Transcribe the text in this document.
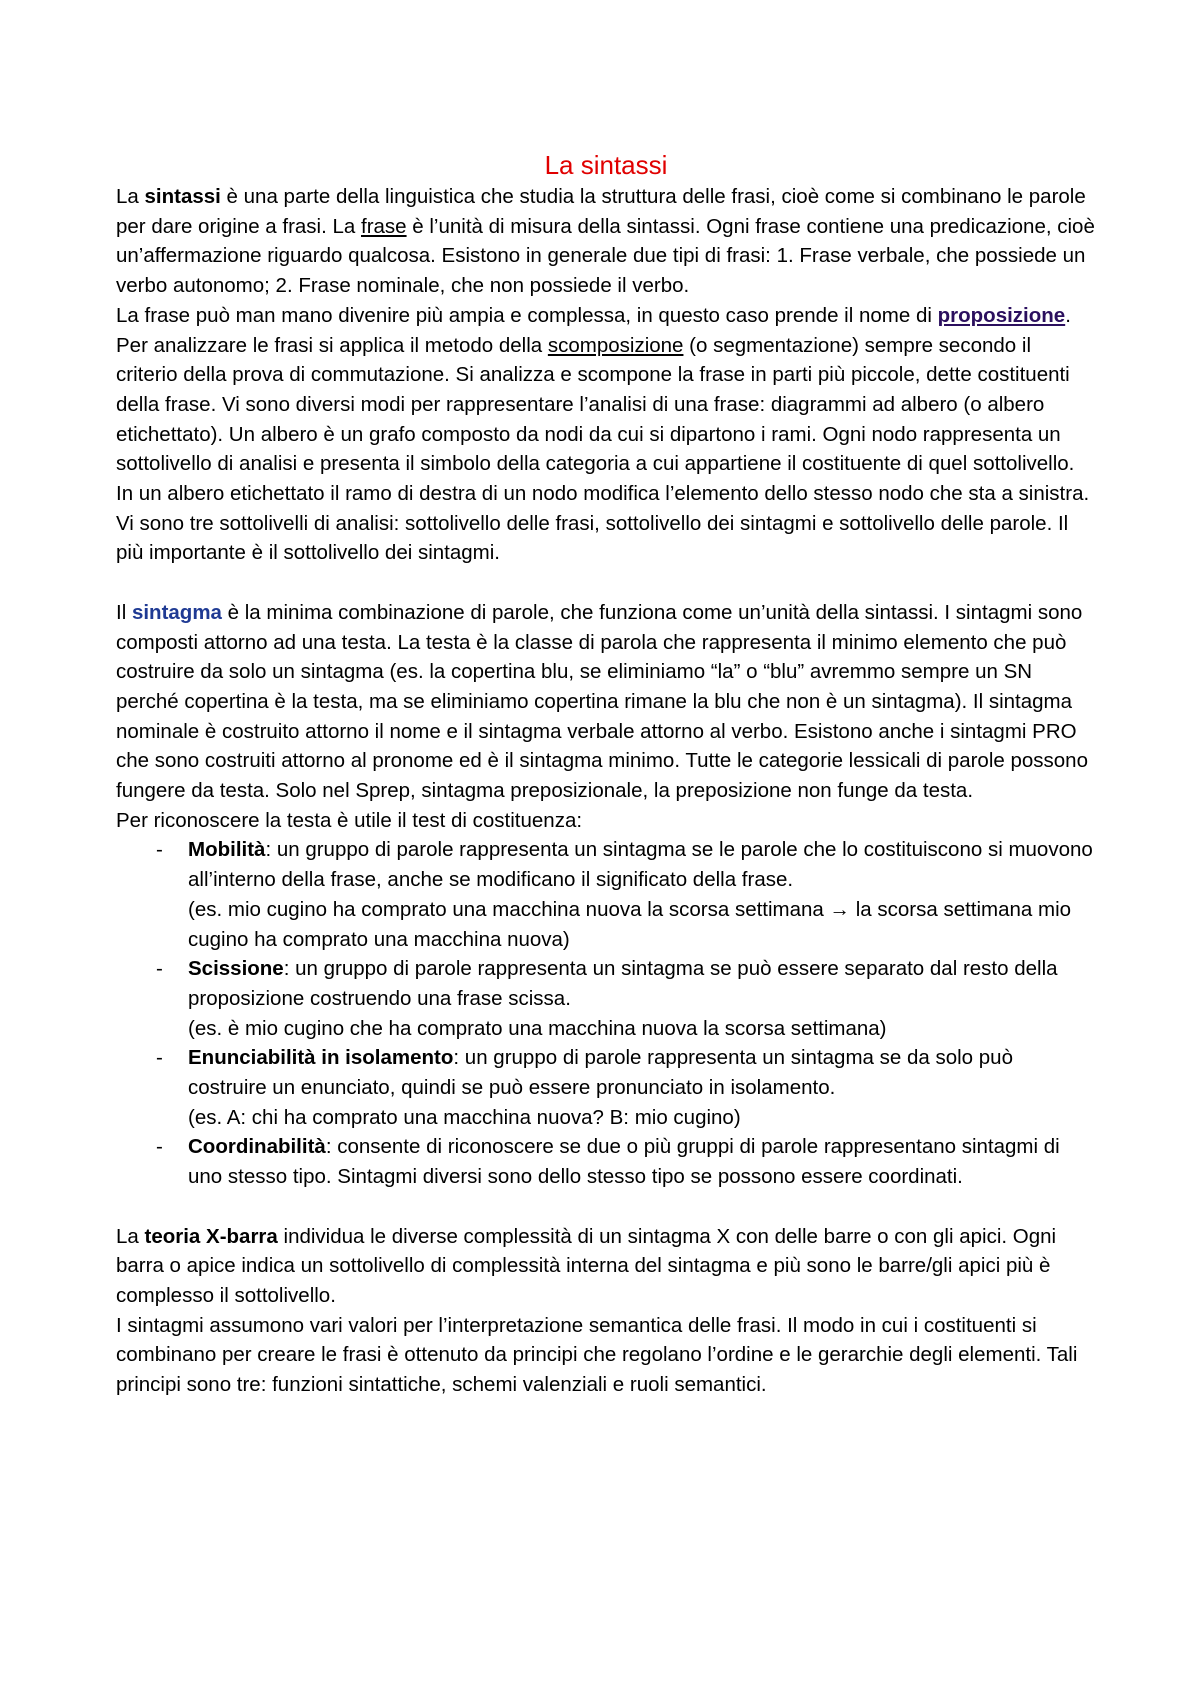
La sintassi

La sintassi è una parte della linguistica che studia la struttura delle frasi, cioè come si combinano le parole per dare origine a frasi. La frase è l’unità di misura della sintassi. Ogni frase contiene una predicazione, cioè un’affermazione riguardo qualcosa. Esistono in generale due tipi di frasi: 1. Frase verbale, che possiede un verbo autonomo; 2. Frase nominale, che non possiede il verbo.

La frase può man mano divenire più ampia e complessa, in questo caso prende il nome di proposizione. Per analizzare le frasi si applica il metodo della scomposizione (o segmentazione) sempre secondo il criterio della prova di commutazione. Si analizza e scompone la frase in parti più piccole, dette costituenti della frase. Vi sono diversi modi per rappresentare l’analisi di una frase: diagrammi ad albero (o albero etichettato). Un albero è un grafo composto da nodi da cui si dipartono i rami. Ogni nodo rappresenta un sottolivello di analisi e presenta il simbolo della categoria a cui appartiene il costituente di quel sottolivello. In un albero etichettato il ramo di destra di un nodo modifica l’elemento dello stesso nodo che sta a sinistra.

Vi sono tre sottolivelli di analisi: sottolivello delle frasi, sottolivello dei sintagmi e sottolivello delle parole. Il più importante è il sottolivello dei sintagmi.

Il sintagma è la minima combinazione di parole, che funziona come un’unità della sintassi. I sintagmi sono composti attorno ad una testa. La testa è la classe di parola che rappresenta il minimo elemento che può costruire da solo un sintagma (es. la copertina blu, se eliminiamo “la” o “blu” avremmo sempre un SN perché copertina è la testa, ma se eliminiamo copertina rimane la blu che non è un sintagma). Il sintagma nominale è costruito attorno il nome e il sintagma verbale attorno al verbo. Esistono anche i sintagmi PRO che sono costruiti attorno al pronome ed è il sintagma minimo. Tutte le categorie lessicali di parole possono fungere da testa. Solo nel Sprep, sintagma preposizionale, la preposizione non funge da testa.

Per riconoscere la testa è utile il test di costituenza:

- Mobilità: un gruppo di parole rappresenta un sintagma se le parole che lo costituiscono si muovono all’interno della frase, anche se modificano il significato della frase.
(es. mio cugino ha comprato una macchina nuova la scorsa settimana → la scorsa settimana mio cugino ha comprato una macchina nuova)
- Scissione: un gruppo di parole rappresenta un sintagma se può essere separato dal resto della proposizione costruendo una frase scissa.
(es. è mio cugino che ha comprato una macchina nuova la scorsa settimana)
- Enunciabilità in isolamento: un gruppo di parole rappresenta un sintagma se da solo può costruire un enunciato, quindi se può essere pronunciato in isolamento.
(es. A: chi ha comprato una macchina nuova? B: mio cugino)
- Coordinabilità: consente di riconoscere se due o più gruppi di parole rappresentano sintagmi di uno stesso tipo. Sintagmi diversi sono dello stesso tipo se possono essere coordinati.

La teoria X-barra individua le diverse complessità di un sintagma X con delle barre o con gli apici. Ogni barra o apice indica un sottolivello di complessità interna del sintagma e più sono le barre/gli apici più è complesso il sottolivello.

I sintagmi assumono vari valori per l’interpretazione semantica delle frasi. Il modo in cui i costituenti si combinano per creare le frasi è ottenuto da principi che regolano l’ordine e le gerarchie degli elementi. Tali principi sono tre: funzioni sintattiche, schemi valenziali e ruoli semantici.
